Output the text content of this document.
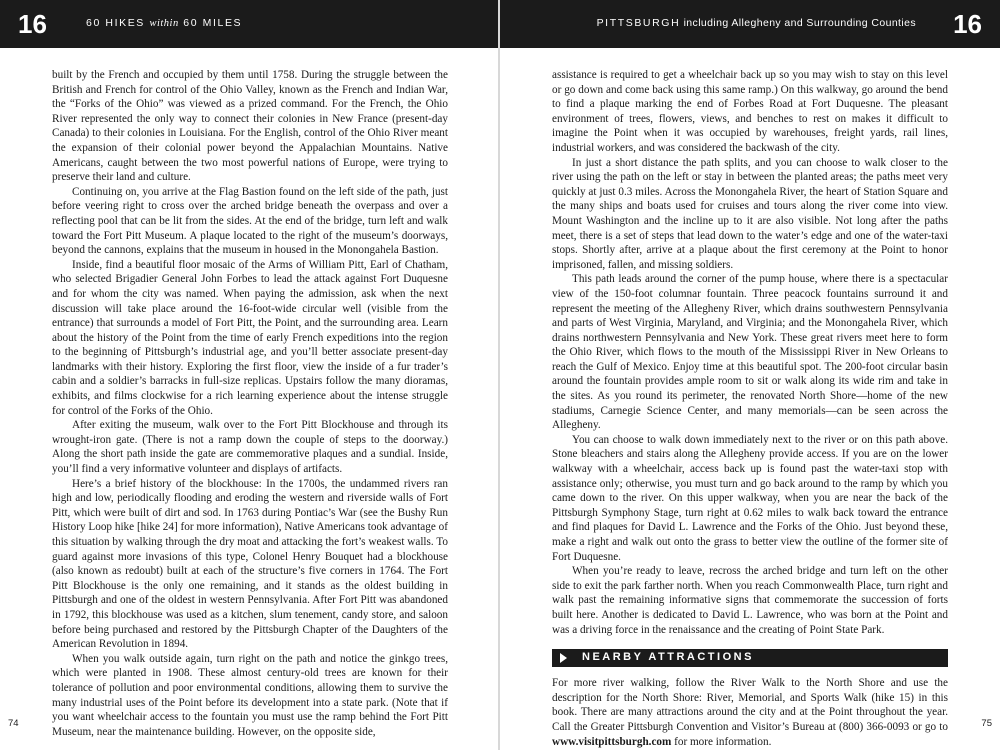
16	60 HIKES within 60 MILES

built by the French and occupied by them until 1758. During the struggle between the British and French for control of the Ohio Valley, known as the French and Indian War, the “Forks of the Ohio” was viewed as a prized command. For the French, the Ohio River represented the only way to connect their colonies in New France (present-day Canada) to their colonies in Louisiana. For the English, control of the Ohio River meant the expansion of their colonial power beyond the Appalachian Mountains. Native Americans, caught between the two most powerful nations of Europe, were trying to preserve their land and culture.

Continuing on, you arrive at the Flag Bastion found on the left side of the path, just before veering right to cross over the arched bridge beneath the overpass and over a reflecting pool that can be lit from the sides. At the end of the bridge, turn left and walk toward the Fort Pitt Museum. A plaque located to the right of the museum’s doorways, beyond the cannons, explains that the museum in housed in the Monongahela Bastion.

Inside, find a beautiful floor mosaic of the Arms of William Pitt, Earl of Chatham, who selected Brigadier General John Forbes to lead the attack against Fort Duquesne and for whom the city was named. When paying the admission, ask when the next discussion will take place around the 16-foot-wide circular well (visible from the entrance) that surrounds a model of Fort Pitt, the Point, and the surrounding area. Learn about the history of the Point from the time of early French expeditions into the region to the beginning of Pittsburgh’s industrial age, and you’ll better associate present-day landmarks with their history. Exploring the first floor, view the inside of a fur trader’s cabin and a soldier’s barracks in full-size replicas. Upstairs follow the many dioramas, exhibits, and films clockwise for a rich learning experience about the intense struggle for control of the Forks of the Ohio.

After exiting the museum, walk over to the Fort Pitt Blockhouse and through its wrought-iron gate. (There is not a ramp down the couple of steps to the doorway.) Along the short path inside the gate are commemorative plaques and a sundial. Inside, you’ll find a very informative volunteer and displays of artifacts.

Here’s a brief history of the blockhouse: In the 1700s, the undammed rivers ran high and low, periodically flooding and eroding the western and riverside walls of Fort Pitt, which were built of dirt and sod. In 1763 during Pontiac’s War (see the Bushy Run History Loop hike [hike 24] for more information), Native Americans took advantage of this situation by walking through the dry moat and attacking the fort’s weakest walls. To guard against more invasions of this type, Colonel Henry Bouquet had a blockhouse (also known as redoubt) built at each of the structure’s five corners in 1764. The Fort Pitt Blockhouse is the only one remaining, and it stands as the oldest building in Pittsburgh and one of the oldest in western Pennsylvania. After Fort Pitt was abandoned in 1792, this blockhouse was used as a kitchen, slum tenement, candy store, and saloon before being purchased and restored by the Pittsburgh Chapter of the Daughters of the American Revolution in 1894.

When you walk outside again, turn right on the path and notice the ginkgo trees, which were planted in 1908. These almost century-old trees are known for their tolerance of pollution and poor environmental conditions, allowing them to survive the many industrial uses of the Point before its development into a state park. (Note that if you want wheelchair access to the fountain you must use the ramp behind the Fort Pitt Museum, near the maintenance building. However, on the opposite side,

74
PITTSBURGH including Allegheny and Surrounding Counties 16

assistance is required to get a wheelchair back up so you may wish to stay on this level or go down and come back using this same ramp.) On this walkway, go around the bend to find a plaque marking the end of Forbes Road at Fort Duquesne. The pleasant environment of trees, flowers, views, and benches to rest on makes it difficult to imagine the Point when it was occupied by warehouses, freight yards, rail lines, industrial workers, and was considered the backwash of the city.

In just a short distance the path splits, and you can choose to walk closer to the river using the path on the left or stay in between the planted areas; the paths meet very quickly at just 0.3 miles. Across the Monongahela River, the heart of Station Square and the many ships and boats used for cruises and tours along the river come into view. Mount Washington and the incline up to it are also visible. Not long after the paths meet, there is a set of steps that lead down to the water’s edge and one of the water-taxi stops. Shortly after, arrive at a plaque about the first ceremony at the Point to honor imprisoned, fallen, and missing soldiers.

This path leads around the corner of the pump house, where there is a spectacular view of the 150-foot columnar fountain. Three peacock fountains surround it and represent the meeting of the Allegheny River, which drains southwestern Pennsylvania and parts of West Virginia, Maryland, and Virginia; and the Monongahela River, which drains northwestern Pennsylvania and New York. These great rivers meet here to form the Ohio River, which flows to the mouth of the Mississippi River in New Orleans to reach the Gulf of Mexico. Enjoy time at this beautiful spot. The 200-foot circular basin around the fountain provides ample room to sit or walk along its wide rim and take in the sites. As you round its perimeter, the renovated North Shore—home of the new stadiums, Carnegie Science Center, and many memorials—can be seen across the Allegheny.

You can choose to walk down immediately next to the river or on this path above. Stone bleachers and stairs along the Allegheny provide access. If you are on the lower walkway with a wheelchair, access back up is found past the water-taxi stop with assistance only; otherwise, you must turn and go back around to the ramp by which you came down to the river. On this upper walkway, when you are near the back of the Pittsburgh Symphony Stage, turn right at 0.62 miles to walk back toward the entrance and find plaques for David L. Lawrence and the Forks of the Ohio. Just beyond these, make a right and walk out onto the grass to better view the outline of the former site of Fort Duquesne.

When you’re ready to leave, recross the arched bridge and turn left on the other side to exit the park farther north. When you reach Commonwealth Place, turn right and walk past the remaining informative signs that commemorate the succession of forts built here. Another is dedicated to David L. Lawrence, who was born at the Point and was a driving force in the renaissance and the creating of Point State Park.

NEARBY ATTRACTIONS

For more river walking, follow the River Walk to the North Shore and use the description for the North Shore: River, Memorial, and Sports Walk (hike 15) in this book. There are many attractions around the city and at the Point throughout the year. Call the Greater Pittsburgh Convention and Visitor’s Bureau at (800) 366-0093 or go to www.visitpittsburgh.com for more information.

75
